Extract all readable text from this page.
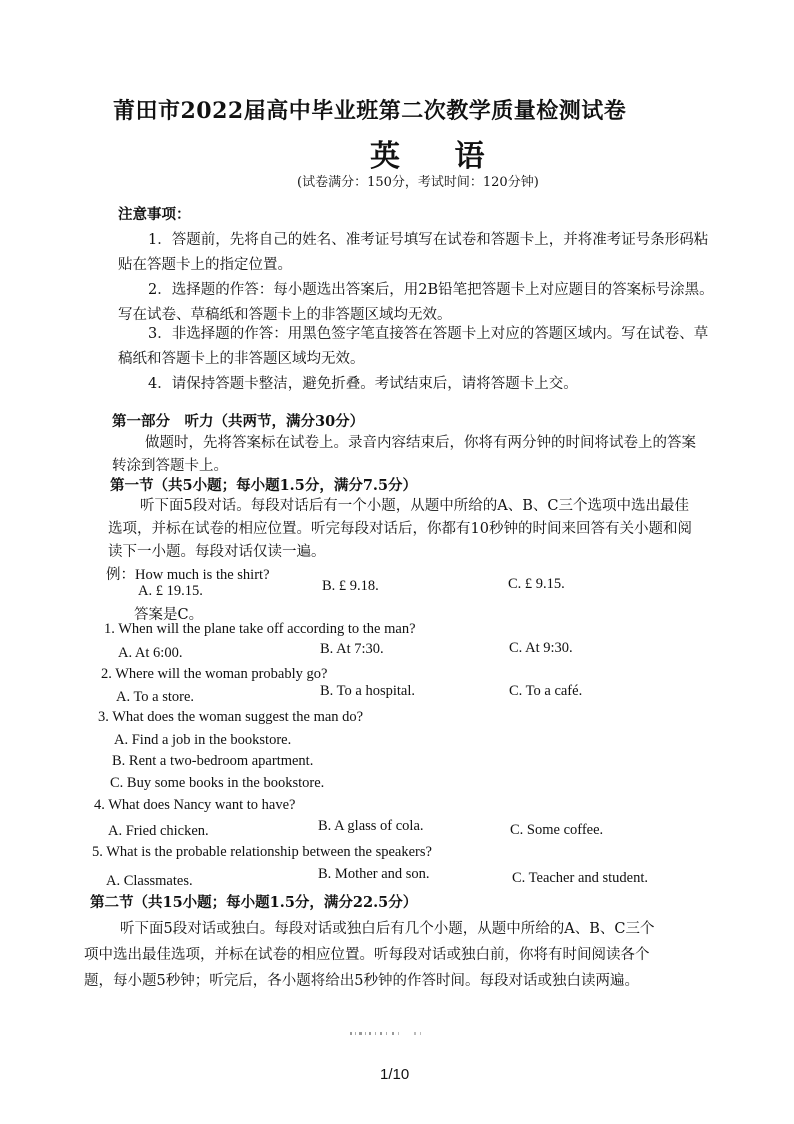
莆田市2022届高中毕业班第二次教学质量检测试卷
英 语
(试卷满分：150分，考试时间：120分钟)
注意事项：
1．答题前，先将自己的姓名、准考证号填写在试卷和答题卡上，并将准考证号条形码粘
贴在答题卡上的指定位置。
2．选择题的作答：每小题选出答案后，用2B铅笔把答题卡上对应题目的答案标号涂黑。
写在试卷、草稿纸和答题卡上的非答题区域均无效。
3．非选择题的作答：用黑色签字笔直接答在答题卡上对应的答题区域内。写在试卷、草
稿纸和答题卡上的非答题区域均无效。
4．请保持答题卡整洁，避免折叠。考试结束后，请将答题卡上交。
第一部分　听力（共两节，满分30分）
做题时，先将答案标在试卷上。录音内容结束后，你将有两分钟的时间将试卷上的答案
转涂到答题卡上。
第一节（共5小题；每小题1.5分，满分7.5分）
听下面5段对话。每段对话后有一个小题，从题中所给的A、B、C三个选项中选出最佳
选项，并标在试卷的相应位置。听完每段对话后，你都有10秒钟的时间来回答有关小题和阅
读下一小题。每段对话仅读一遍。
例：How much is the shirt?
A. £ 19.15.	B. £ 9.18.	C. £ 9.15.
答案是C。
1. When will the plane take off according to the man?
A. At 6:00.	B. At 7:30.	C. At 9:30.
2. Where will the woman probably go?
A. To a store.	B. To a hospital.	C. To a café.
3. What does the woman suggest the man do?
A. Find a job in the bookstore.
B. Rent a two-bedroom apartment.
C. Buy some books in the bookstore.
4. What does Nancy want to have?
A. Fried chicken.	B. A glass of cola.	C. Some coffee.
5. What is the probable relationship between the speakers?
A. Classmates.	B. Mother and son.	C. Teacher and student.
第二节（共15小题；每小题1.5分，满分22.5分）
听下面5段对话或独白。每段对话或独白后有几个小题，从题中所给的A、B、C三个
项中选出最佳选项，并标在试卷的相应位置。听每段对话或独白前，你将有时间阅读各个
题，每小题5秒钟；听完后，各小题将给出5秒钟的作答时间。每段对话或独白读两遍。
1/10
